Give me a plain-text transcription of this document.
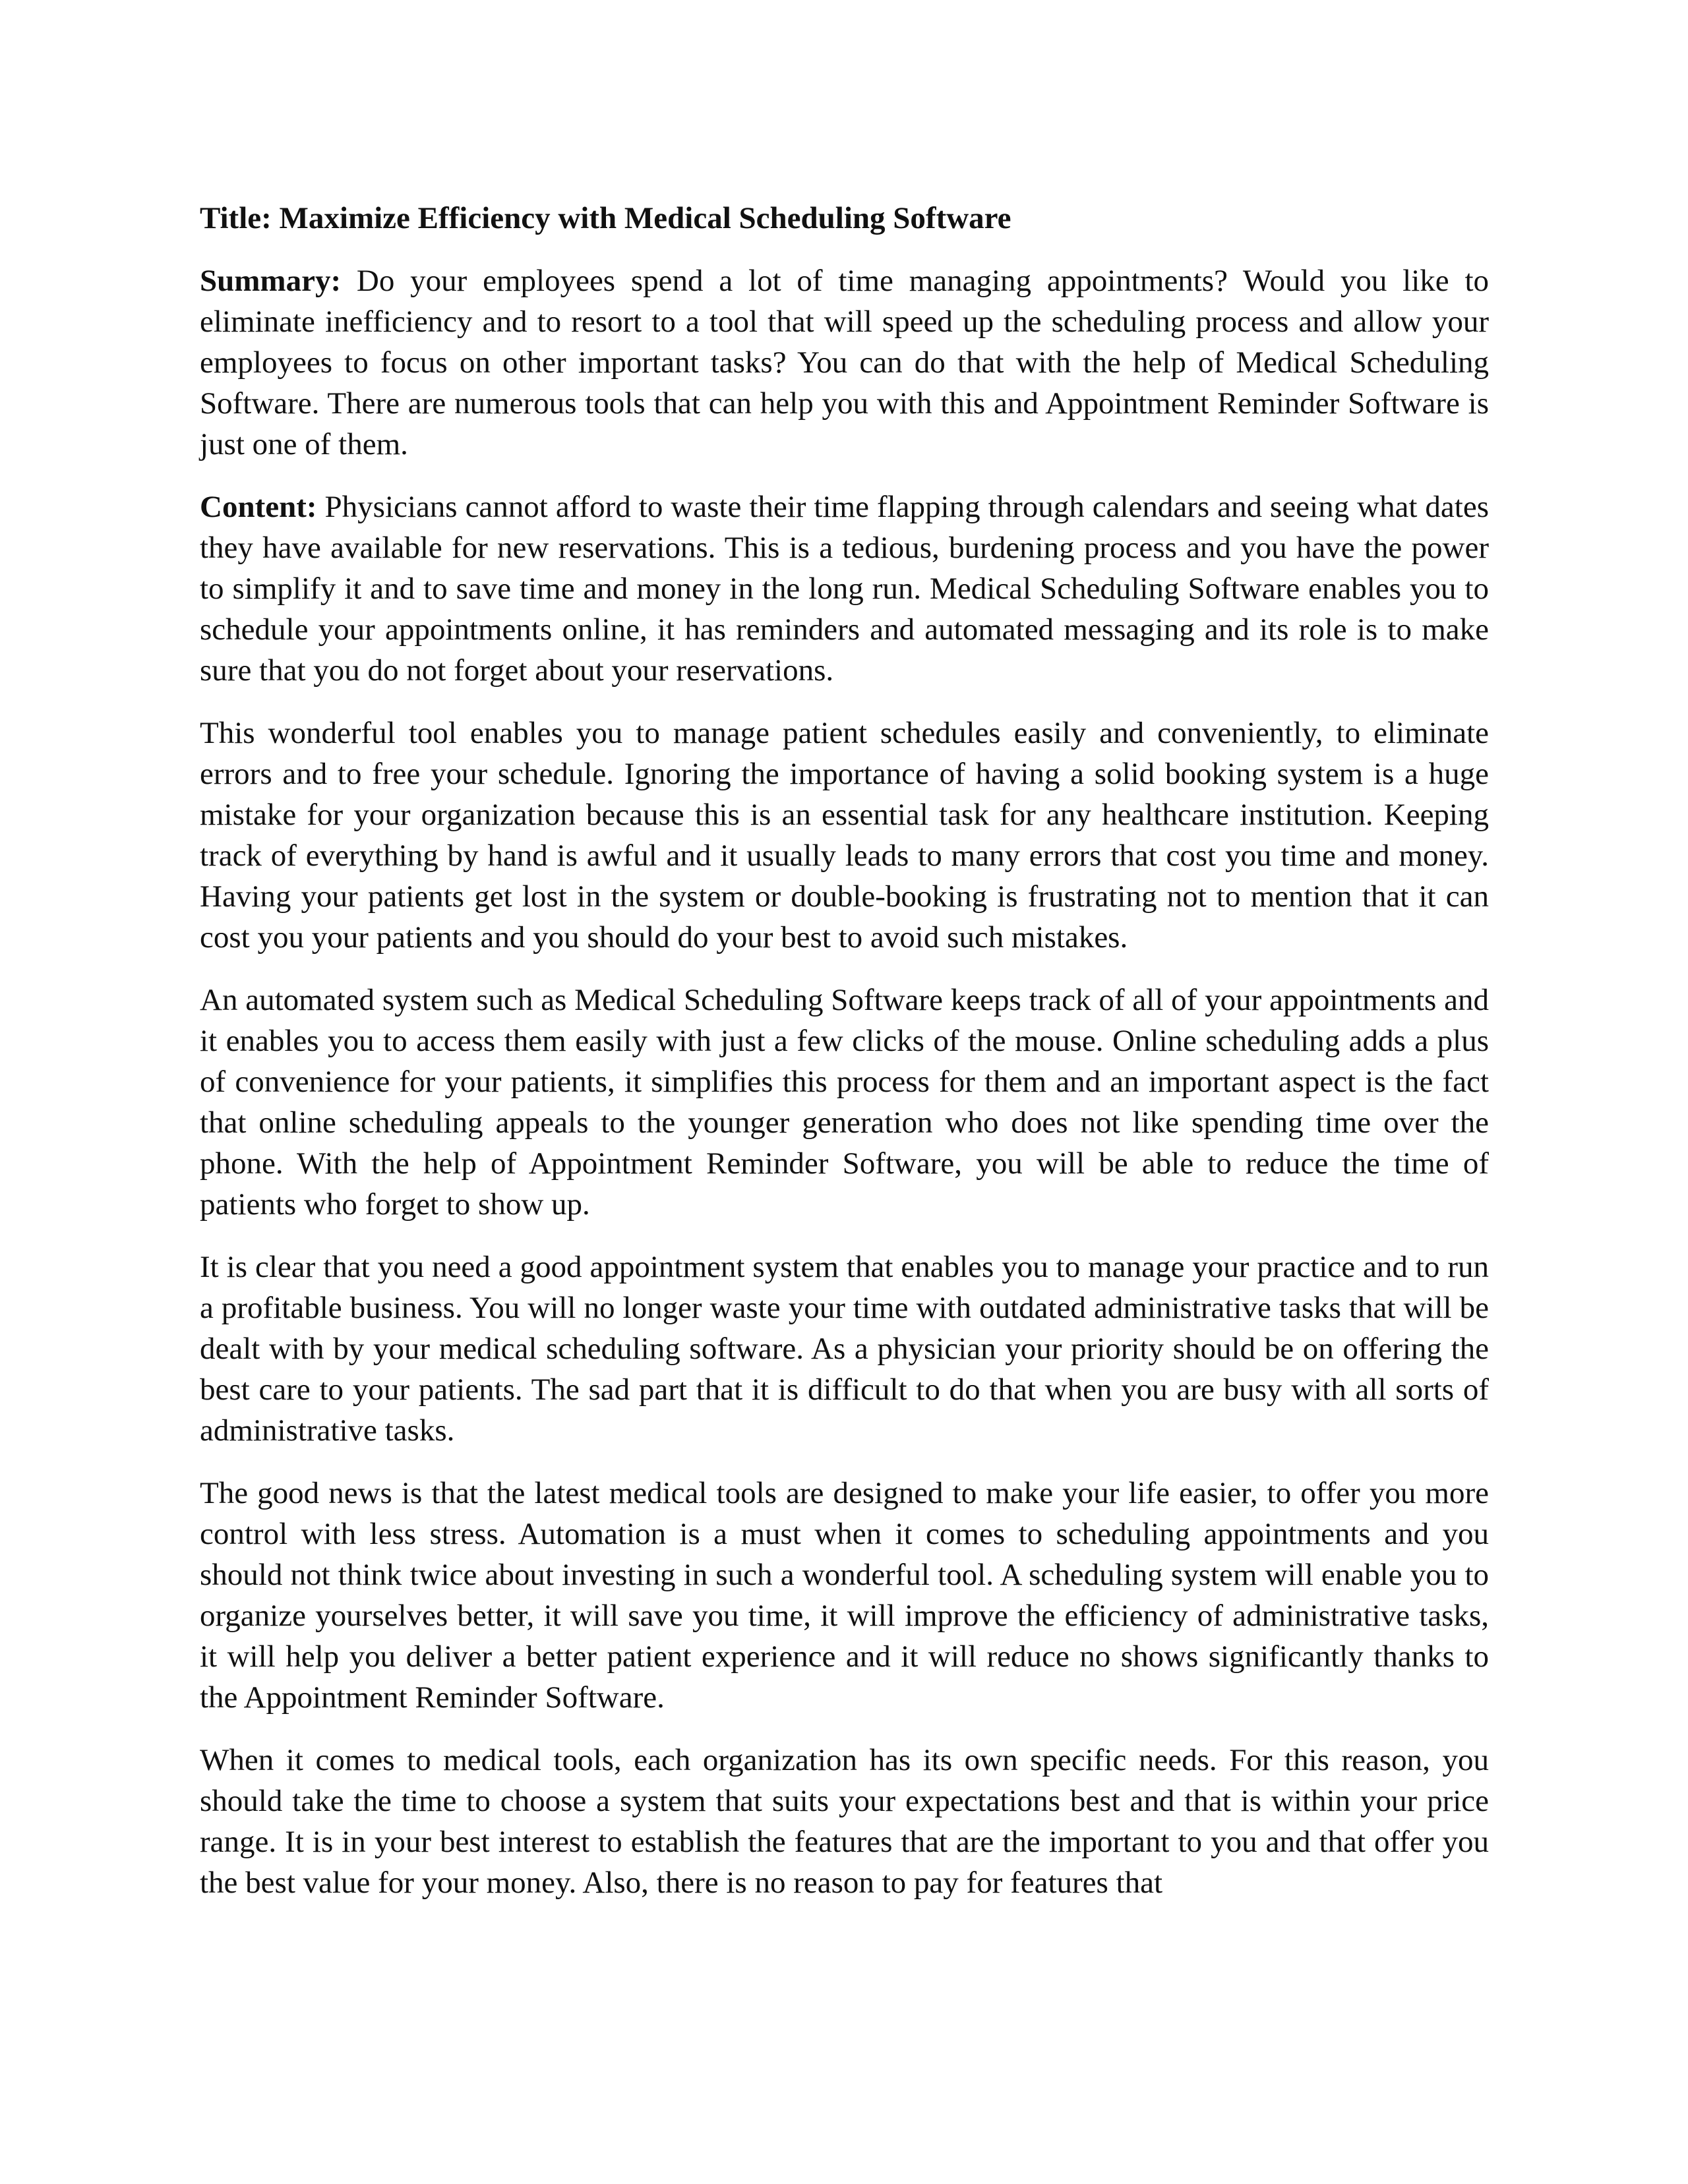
Title: Maximize Efficiency with Medical Scheduling Software

Summary: Do your employees spend a lot of time managing appointments? Would you like to eliminate inefficiency and to resort to a tool that will speed up the scheduling process and allow your employees to focus on other important tasks? You can do that with the help of Medical Scheduling Software. There are numerous tools that can help you with this and Appointment Reminder Software is just one of them.

Content: Physicians cannot afford to waste their time flapping through calendars and seeing what dates they have available for new reservations. This is a tedious, burdening process and you have the power to simplify it and to save time and money in the long run. Medical Scheduling Software enables you to schedule your appointments online, it has reminders and automated messaging and its role is to make sure that you do not forget about your reservations.

This wonderful tool enables you to manage patient schedules easily and conveniently, to eliminate errors and to free your schedule. Ignoring the importance of having a solid booking system is a huge mistake for your organization because this is an essential task for any healthcare institution. Keeping track of everything by hand is awful and it usually leads to many errors that cost you time and money. Having your patients get lost in the system or double-booking is frustrating not to mention that it can cost you your patients and you should do your best to avoid such mistakes.

An automated system such as Medical Scheduling Software keeps track of all of your appointments and it enables you to access them easily with just a few clicks of the mouse. Online scheduling adds a plus of convenience for your patients, it simplifies this process for them and an important aspect is the fact that online scheduling appeals to the younger generation who does not like spending time over the phone. With the help of Appointment Reminder Software, you will be able to reduce the time of patients who forget to show up.

It is clear that you need a good appointment system that enables you to manage your practice and to run a profitable business. You will no longer waste your time with outdated administrative tasks that will be dealt with by your medical scheduling software. As a physician your priority should be on offering the best care to your patients. The sad part that it is difficult to do that when you are busy with all sorts of administrative tasks.

The good news is that the latest medical tools are designed to make your life easier, to offer you more control with less stress. Automation is a must when it comes to scheduling appointments and you should not think twice about investing in such a wonderful tool. A scheduling system will enable you to organize yourselves better, it will save you time, it will improve the efficiency of administrative tasks, it will help you deliver a better patient experience and it will reduce no shows significantly thanks to the Appointment Reminder Software.

When it comes to medical tools, each organization has its own specific needs. For this reason, you should take the time to choose a system that suits your expectations best and that is within your price range. It is in your best interest to establish the features that are the important to you and that offer you the best value for your money. Also, there is no reason to pay for features that
